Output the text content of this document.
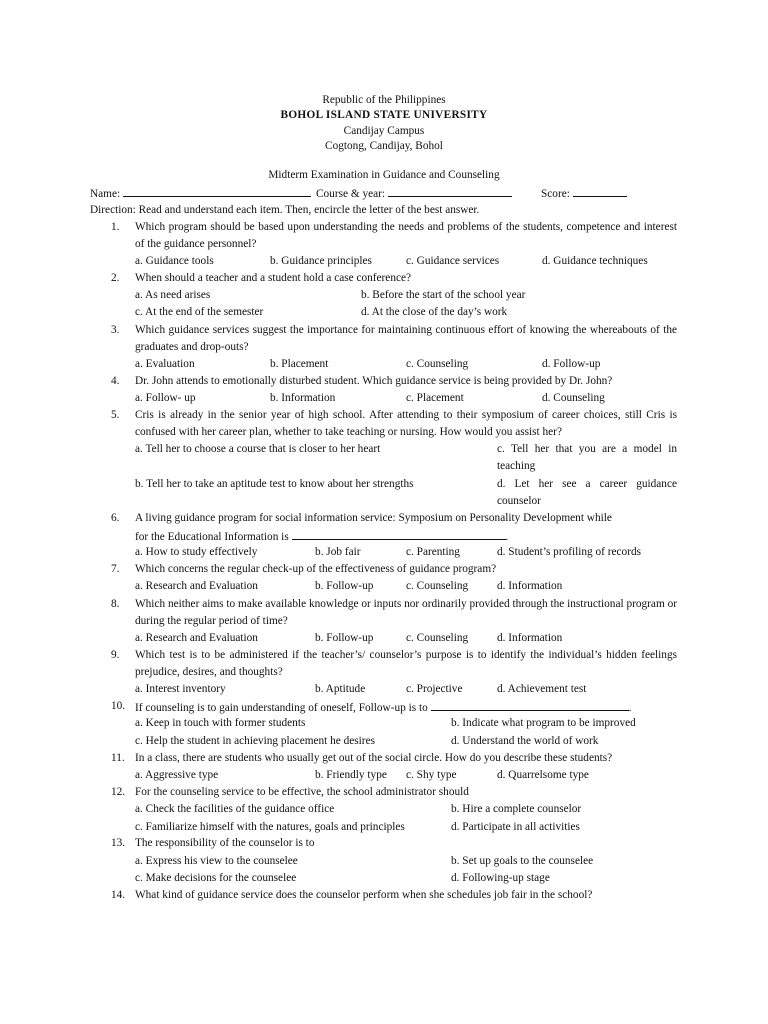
Republic of the Philippines
BOHOL ISLAND STATE UNIVERSITY
Candijay Campus
Cogtong, Candijay, Bohol
Midterm Examination in Guidance and Counseling
Name:	Course & year:	Score:
Direction: Read and understand each item. Then, encircle the letter of the best answer.
1.	Which program should be based upon understanding the needs and problems of the students, competence and interest of the guidance personnel?
a. Guidance tools	b. Guidance principles	c. Guidance services	d. Guidance techniques
2.	When should a teacher and a student hold a case conference?
a. As need arises	b. Before the start of the school year
c. At the end of the semester	d. At the close of the day’s work
3.	Which guidance services suggest the importance for maintaining continuous effort of knowing the whereabouts of the graduates and drop-outs?
a. Evaluation	b. Placement	c. Counseling	d. Follow-up
4.	Dr. John attends to emotionally disturbed student. Which guidance service is being provided by Dr. John?
a. Follow- up	b. Information	c. Placement	d. Counseling
5.	Cris is already in the senior year of high school. After attending to their symposium of career choices, still Cris is confused with her career plan, whether to take teaching or nursing. How would you assist her?
a. Tell her to choose a course that is closer to her heart	c. Tell her that you are a model in teaching
b. Tell her to take an aptitude test to know about her strengths	d. Let her see a career guidance counselor
6.	A living guidance program for social information service: Symposium on Personality Development while
for the Educational Information is	.
a. How to study effectively	b. Job fair	c. Parenting	d. Student’s profiling of records
7.	Which concerns the regular check-up of the effectiveness of guidance program?
a. Research and Evaluation	b. Follow-up	c. Counseling	d. Information
8.	Which neither aims to make available knowledge or inputs nor ordinarily provided through the instructional program or during the regular period of time?
a. Research and Evaluation	b. Follow-up	c. Counseling	d. Information
9.	Which test is to be administered if the teacher’s/ counselor’s purpose is to identify the individual’s hidden feelings prejudice, desires, and thoughts?
a. Interest inventory	b. Aptitude	c. Projective	d. Achievement test
10. If counseling is to gain understanding of oneself, Follow-up is to	.
a. Keep in touch with former students	b. Indicate what program to be improved
c. Help the student in achieving placement he desires	d. Understand the world of work
11. In a class, there are students who usually get out of the social circle. How do you describe these students?
a. Aggressive type	b. Friendly type c. Shy type	d. Quarrelsome type
12. For the counseling service to be effective, the school administrator should
a. Check the facilities of the guidance office	b. Hire a complete counselor
c. Familiarize himself with the natures, goals and principles	d. Participate in all activities
13. The responsibility of the counselor is to
a. Express his view to the counselee	b. Set up goals to the counselee
c. Make decisions for the counselee	d. Following-up stage
14. What kind of guidance service does the counselor perform when she schedules job fair in the school?
